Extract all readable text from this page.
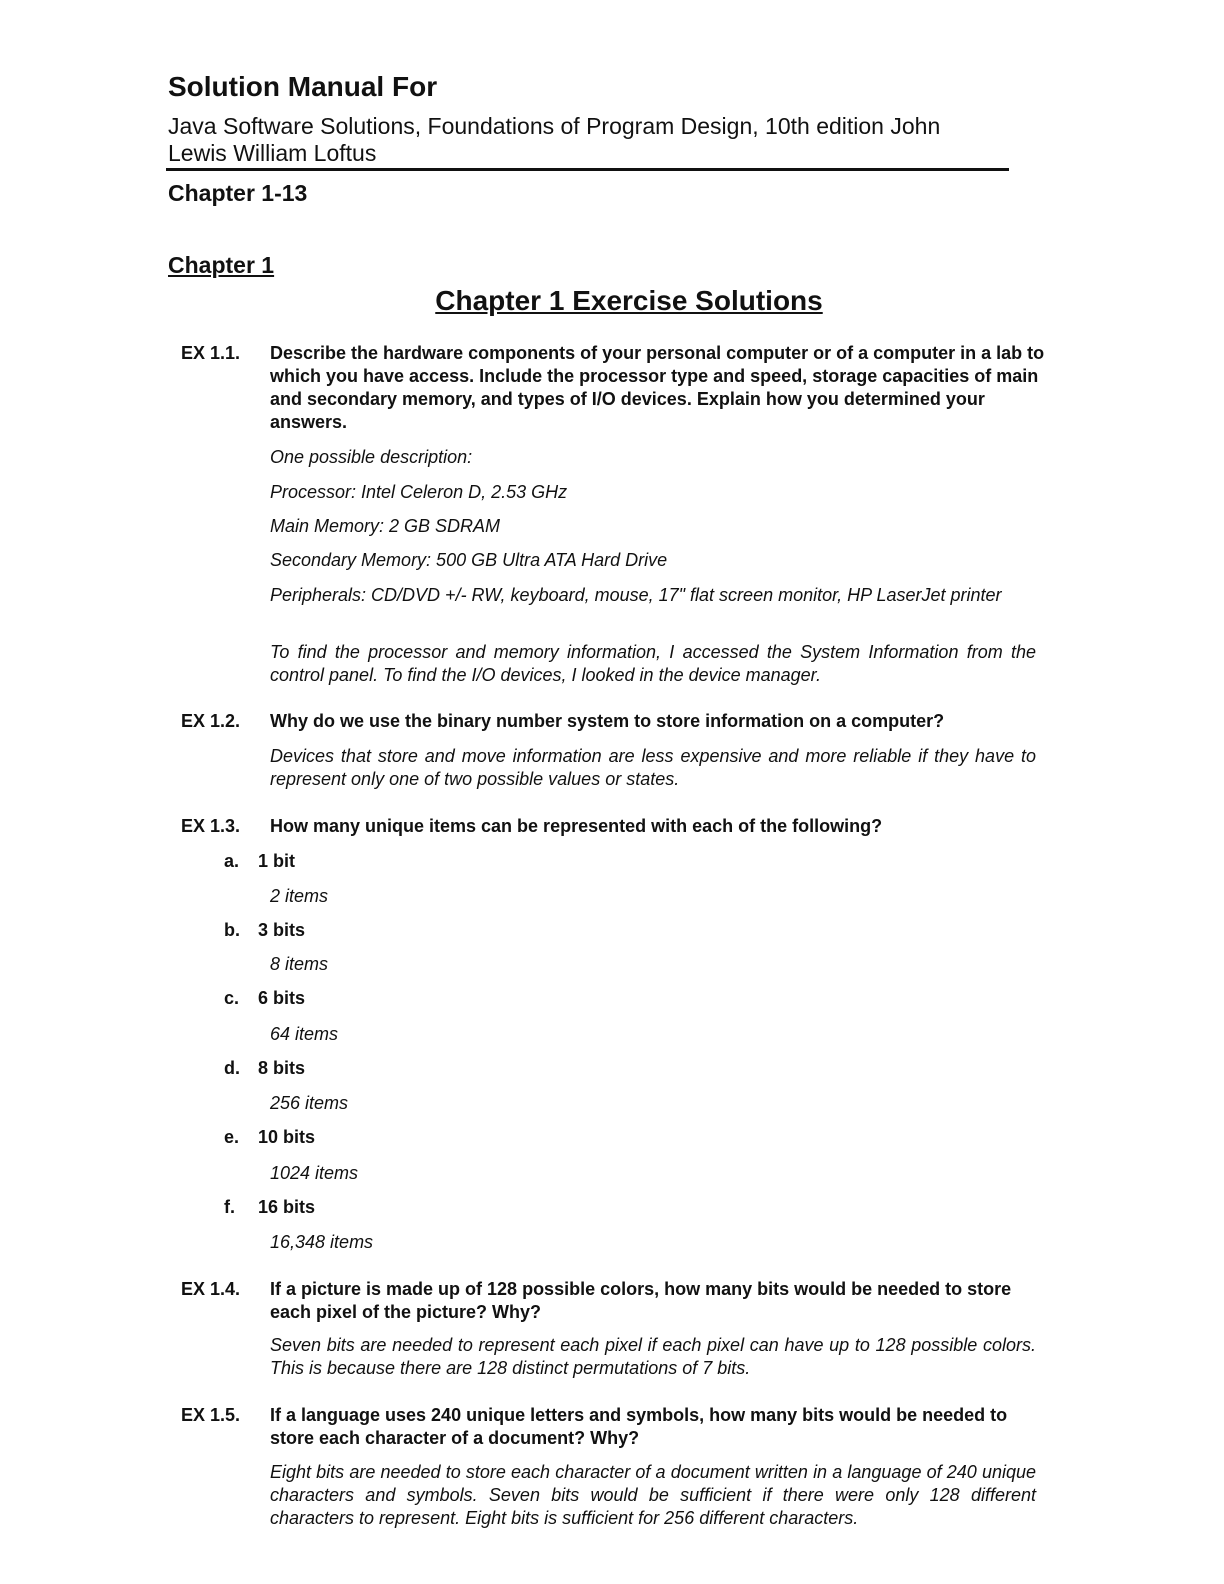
Solution Manual For
Java Software Solutions, Foundations of Program Design, 10th edition John
Lewis William Loftus
Chapter 1-13
Chapter 1
Chapter 1 Exercise Solutions
EX 1.1. Describe the hardware components of your personal computer or of a computer in a lab to which you have access. Include the processor type and speed, storage capacities of main and secondary memory, and types of I/O devices. Explain how you determined your answers.
One possible description:
Processor: Intel Celeron D, 2.53 GHz
Main Memory: 2 GB SDRAM
Secondary Memory: 500 GB Ultra ATA Hard Drive
Peripherals: CD/DVD +/- RW, keyboard, mouse, 17" flat screen monitor, HP LaserJet printer
To find the processor and memory information, I accessed the System Information from the control panel. To find the I/O devices, I looked in the device manager.
EX 1.2. Why do we use the binary number system to store information on a computer?
Devices that store and move information are less expensive and more reliable if they have to represent only one of two possible values or states.
EX 1.3. How many unique items can be represented with each of the following?
a. 1 bit
2 items
b. 3 bits
8 items
c. 6 bits
64 items
d. 8 bits
256 items
e. 10 bits
1024 items
f. 16 bits
16,348 items
EX 1.4. If a picture is made up of 128 possible colors, how many bits would be needed to store each pixel of the picture? Why?
Seven bits are needed to represent each pixel if each pixel can have up to 128 possible colors. This is because there are 128 distinct permutations of 7 bits.
EX 1.5. If a language uses 240 unique letters and symbols, how many bits would be needed to store each character of a document? Why?
Eight bits are needed to store each character of a document written in a language of 240 unique characters and symbols. Seven bits would be sufficient if there were only 128 different characters to represent. Eight bits is sufficient for 256 different characters.
